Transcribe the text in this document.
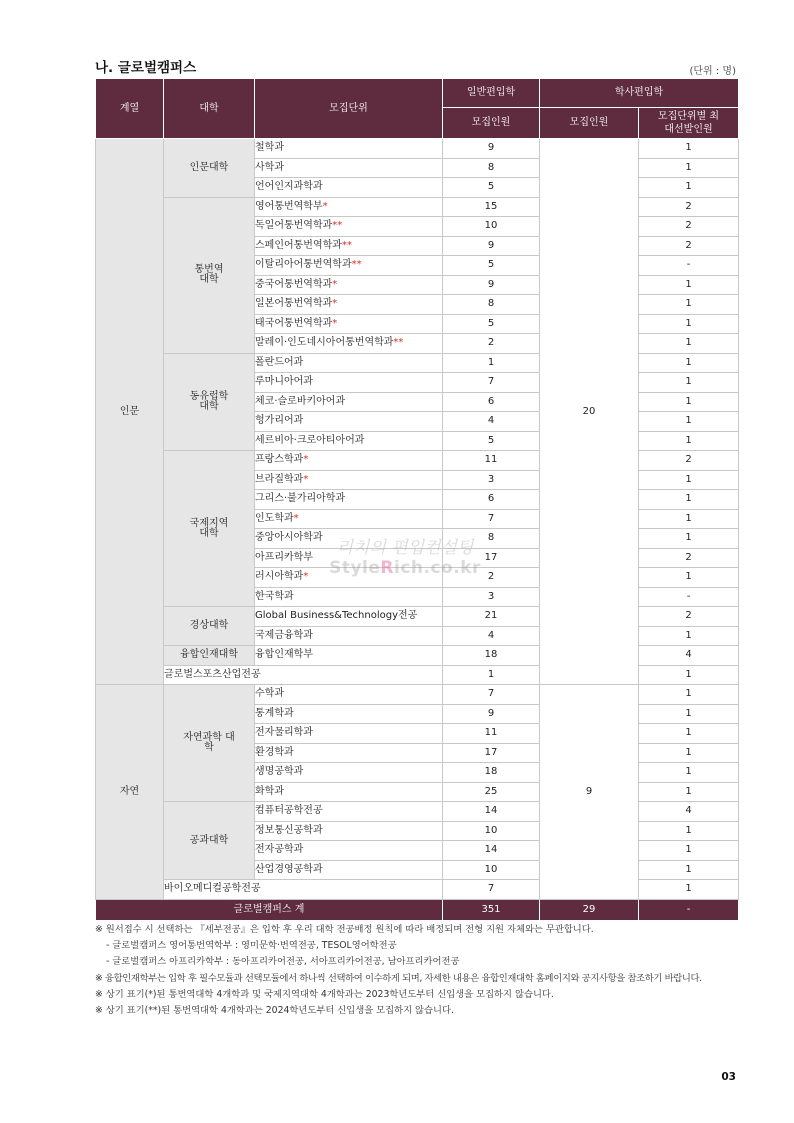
나. 글로벌캠퍼스	(단위 : 명)
계열	대학	모집단위	일반편입학	학사편입학	
			모집인원	모집인원	모집단위별 최대선발인원
인문	인문대학	철학과	9	20	1
		사학과	8		1
		언어인지과학과	5		1
	통번역 대학	영어통번역학부*	15		2
		독일어통번역학과**	10		2
		스페인어통번역학과**	9		2
		이탈리아어통번역학과**	5		-
		중국어통번역학과*	9		1
		일본어통번역학과*	8		1
		태국어통번역학과*	5		1
		말레이·인도네시아어통번역학과**	2		1
	동유럽학 대학	폴란드어과	1		1
		루마니아어과	7		1
		체코·슬로바키아어과	6		1
		헝가리어과	4		1
		세르비아·크로아티아어과	5		1
	국제지역 대학	프랑스학과*	11		2
		브라질학과*	3		1
		그리스·불가리아학과	6		1
		인도학과*	7		1
		중앙아시아학과	8		1
		아프리카학부	17		2
		러시아학과*	2		1
		한국학과	3		-
	경상대학	Global Business&Technology전공	21		2
		국제금융학과	4		1
	융합인재대학	융합인재학부	18		4
	글로벌스포츠산업전공		1		1
자연	자연과학 대학	수학과	7	9	1
		통계학과	9		1
		전자물리학과	11		1
		환경학과	17		1
		생명공학과	18		1
		화학과	25		1
	공과대학	컴퓨터공학전공	14		4
		정보통신공학과	10		1
		전자공학과	14		1
		산업경영공학과	10		1
	바이오메디컬공학전공		7		1
글로벌캠퍼스 계			351	29	-
리치의 편입컨설팅
StyleRich.co.kr
※ 원서접수 시 선택하는 『세부전공』은 입학 후 우리 대학 전공배정 원칙에 따라 배정되며 전형 지원 자체와는 무관합니다.
- 글로벌캠퍼스 영어통번역학부 : 영미문학·번역전공, TESOL영어학전공
- 글로벌캠퍼스 아프리카학부 : 동아프리카어전공, 서아프리카어전공, 남아프리카어전공
※ 융합인재학부는 입학 후 필수모듈과 선택모듈에서 하나씩 선택하여 이수하게 되며, 자세한 내용은 융합인재대학 홈페이지와 공지사항을 참조하기 바랍니다.
※ 상기 표기(*)된 통번역대학 4개학과 및 국제지역대학 4개학과는 2023학년도부터 신입생을 모집하지 않습니다.
※ 상기 표기(**)된 통번역대학 4개학과는 2024학년도부터 신입생을 모집하지 않습니다.
03
